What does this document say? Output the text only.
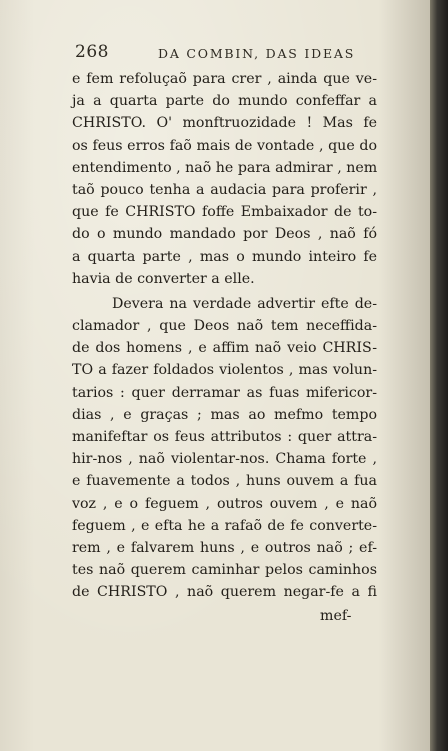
268	DA COMBIN, DAS IDEAS
e fem refoluçaõ para crer , ainda que ve-
ja a quarta parte do mundo confeffar a
CHRISTO. O' monftruozidade ! Mas fe
os feus erros faõ mais de vontade , que do
entendimento , naõ he para admirar , nem
taõ pouco tenha a audacia para proferir ,
que fe CHRISTO foffe Embaixador de to-
do o mundo mandado por Deos , naõ fó
a quarta parte , mas o mundo inteiro fe
havia de converter a elle.
Devera na verdade advertir efte de-
clamador , que Deos naõ tem neceffida-
de dos homens , e affim naõ veio CHRIS-
TO a fazer foldados violentos , mas volun-
tarios : quer derramar as fuas mifericor-
dias , e graças ; mas ao mefmo tempo
manifeftar os feus attributos : quer attra-
hir-nos , naõ violentar-nos. Chama forte ,
e fuavemente a todos , huns ouvem a fua
voz , e o feguem , outros ouvem , e naõ
feguem , e efta he a rafaõ de fe converte-
rem , e falvarem huns , e outros naõ ; ef-
tes naõ querem caminhar pelos caminhos
de CHRISTO , naõ querem negar-fe a fi
mef-
